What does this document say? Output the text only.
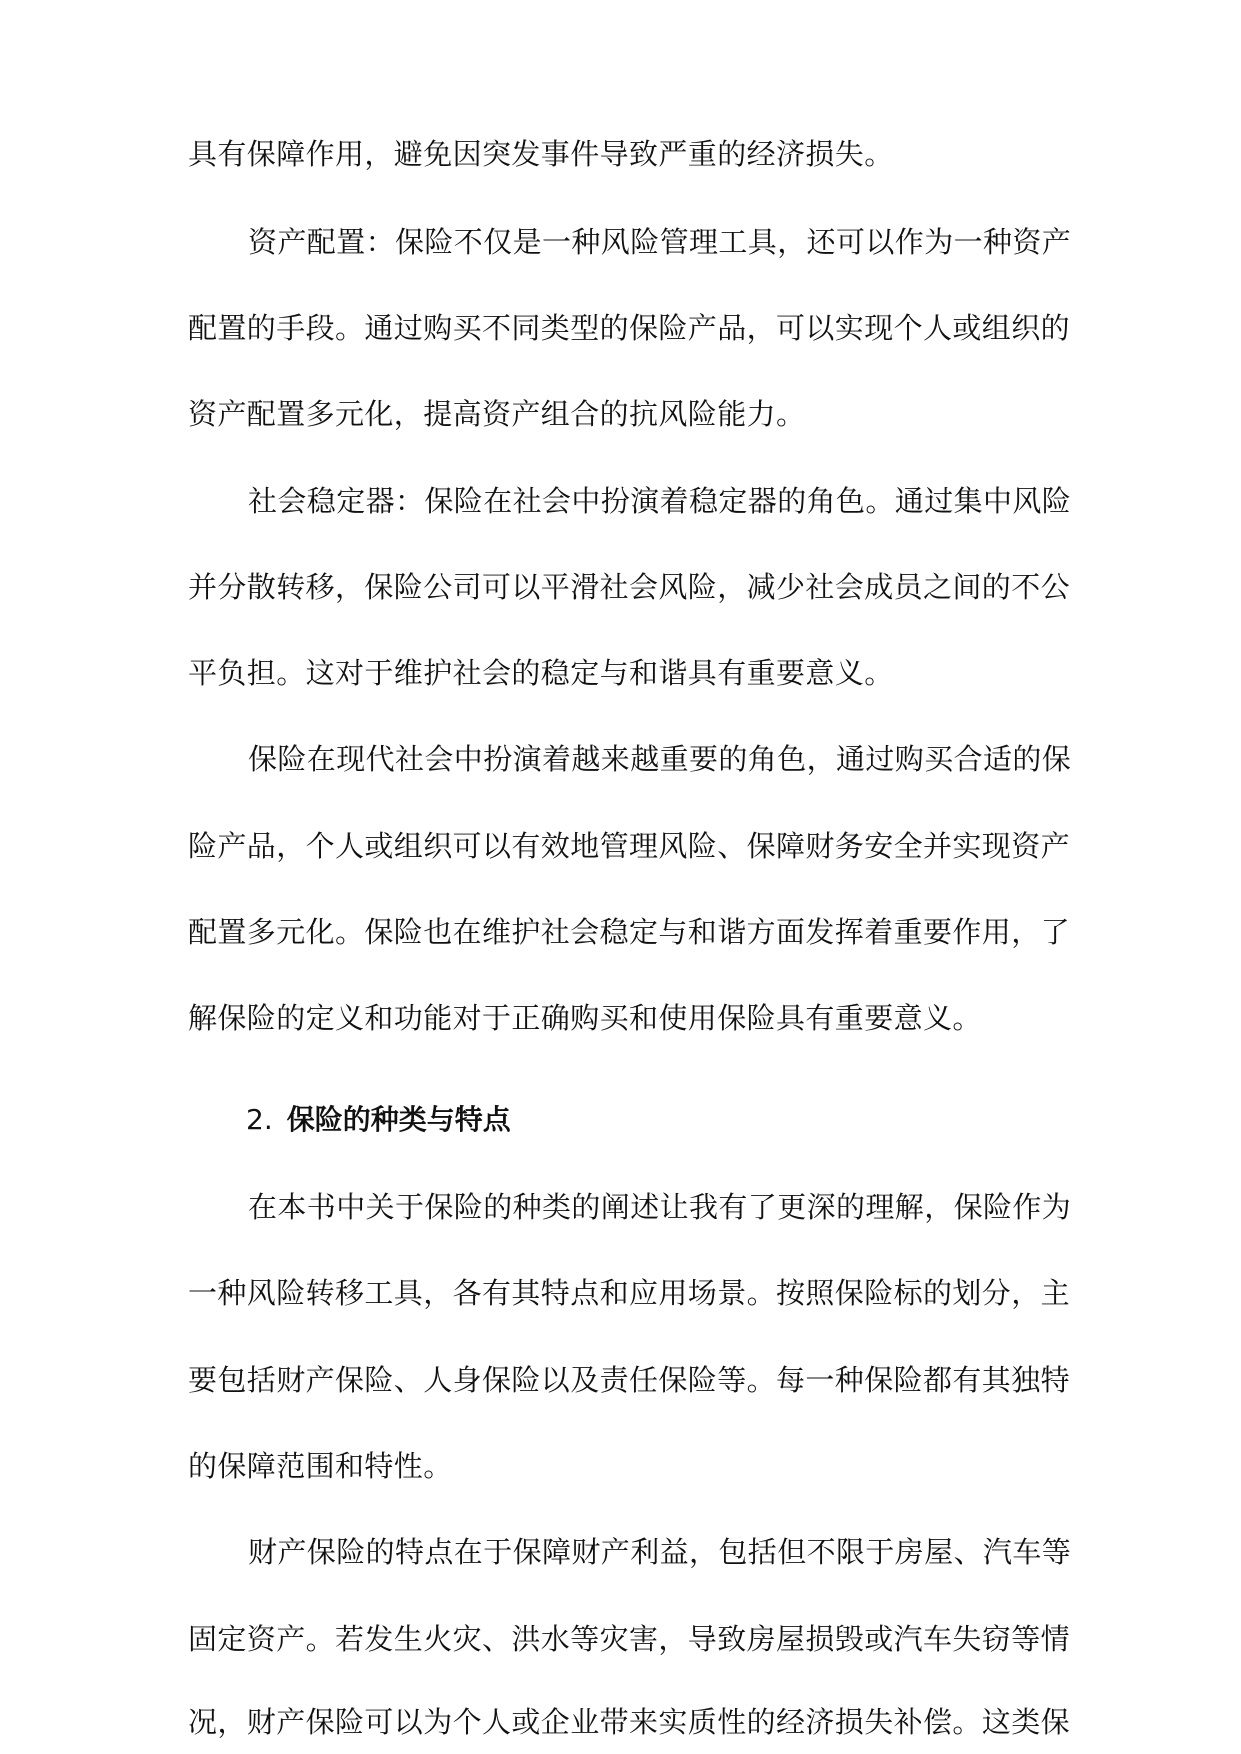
具有保障作用，避免因突发事件导致严重的经济损失。
资产配置：保险不仅是一种风险管理工具，还可以作为一种资产
配置的手段。通过购买不同类型的保险产品，可以实现个人或组织的
资产配置多元化，提高资产组合的抗风险能力。
社会稳定器：保险在社会中扮演着稳定器的角色。通过集中风险
并分散转移，保险公司可以平滑社会风险，减少社会成员之间的不公
平负担。这对于维护社会的稳定与和谐具有重要意义。
保险在现代社会中扮演着越来越重要的角色，通过购买合适的保
险产品，个人或组织可以有效地管理风险、保障财务安全并实现资产
配置多元化。保险也在维护社会稳定与和谐方面发挥着重要作用，了
解保险的定义和功能对于正确购买和使用保险具有重要意义。
2. 保险的种类与特点
在本书中关于保险的种类的阐述让我有了更深的理解，保险作为
一种风险转移工具，各有其特点和应用场景。按照保险标的划分，主
要包括财产保险、人身保险以及责任保险等。每一种保险都有其独特
的保障范围和特性。
财产保险的特点在于保障财产利益，包括但不限于房屋、汽车等
固定资产。若发生火灾、洪水等灾害，导致房屋损毁或汽车失窃等情
况，财产保险可以为个人或企业带来实质性的经济损失补偿。这类保
